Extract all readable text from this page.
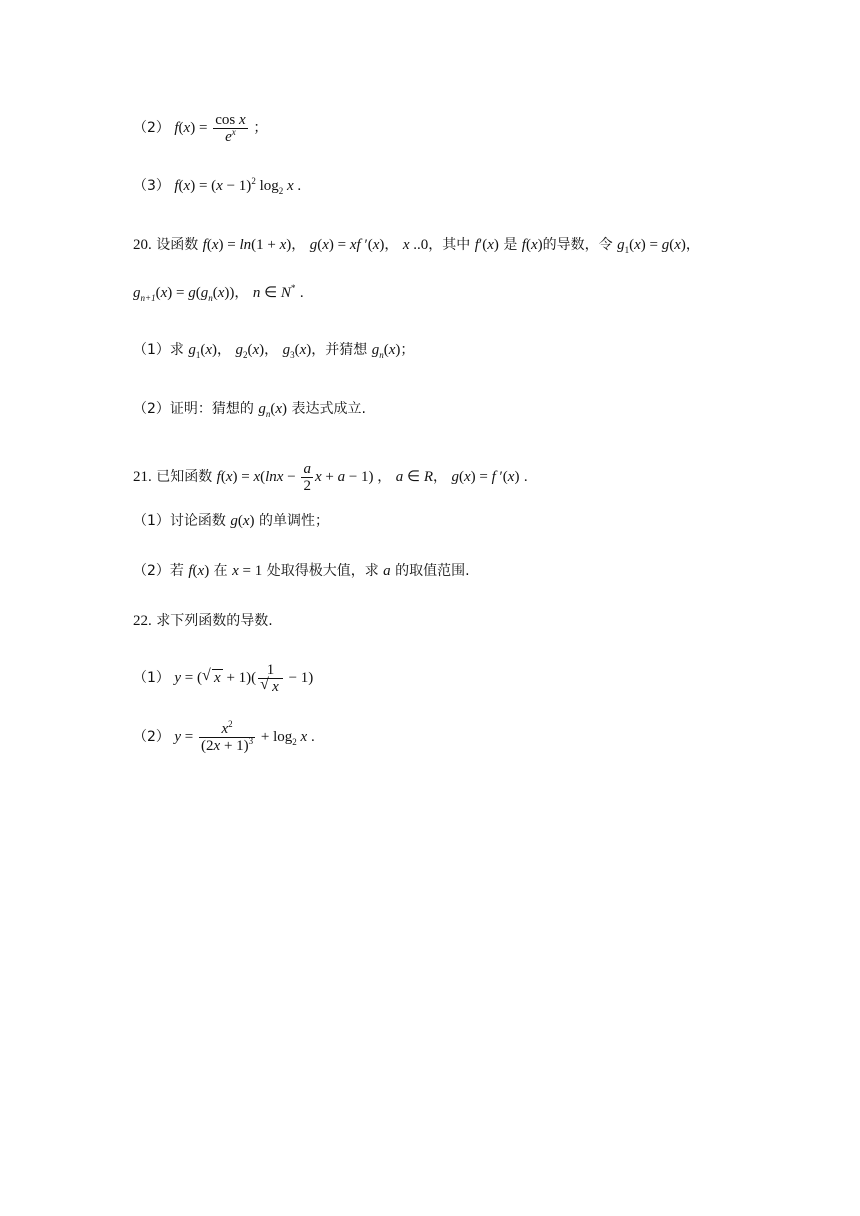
（2） $f(x) = \frac{\text{cos x}}{e^x}$ ；
（3） $f(x) = (x - 1)^2$ $\log_2 x$ .
20. 设函数 f(x) = ln(1 + x)， g(x) = xf ′(x)， x ..0，其中 f′(x) 是 f(x)的导数，令 $g_1(x) = g(x)$，
$g_{n+1}(x) = g(g_n(x))$， n ∈ N* .
（1）求 $g_1(x)$， $g_2(x)$， $g_3(x)$，并猜想 $g_n(x)$；
（2）证明：猜想的 $g_n(x)$ 表达式成立.
21. 已知函数 $f(x) = x(\ln x - \frac{a}{2}$ x + a − 1) ， a ∈ R， g(x) = f ′(x) .
（1）讨论函数 g(x) 的单调性；
（2）若 f(x) 在 x = 1 处取得极大值，求 a 的取值范围.
22. 求下列函数的导数.
（1） y = ( √ $x + 1)( \frac{1}{√ x} - 1)$
（2） $y = \frac{x^2}{(2x + 1)^3} + \log_2 x$ .
